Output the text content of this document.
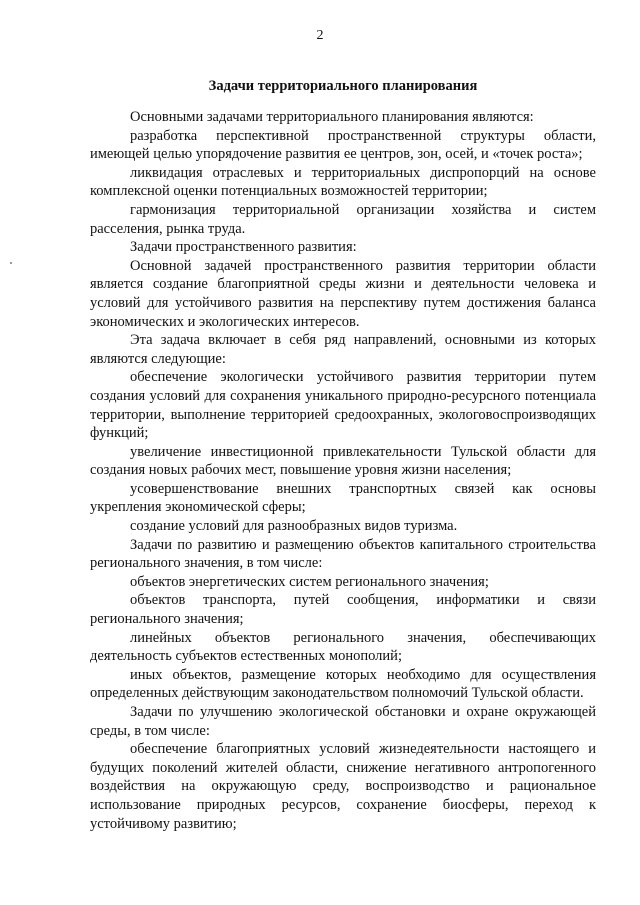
2
Задачи территориального планирования

Основными задачами территориального планирования являются:

разработка перспективной пространственной структуры области, имеющей целью упорядочение развития ее центров, зон, осей, и «точек роста»;

ликвидация отраслевых и территориальных диспропорций на основе комплексной оценки потенциальных возможностей территории;

гармонизация территориальной организации хозяйства и систем расселения, рынка труда.

Задачи пространственного развития:

Основной задачей пространственного развития территории области является создание благоприятной среды жизни и деятельности человека и условий для устойчивого развития на перспективу путем достижения баланса экономических и экологических интересов.

Эта задача включает в себя ряд направлений, основными из которых являются следующие:

обеспечение экологически устойчивого развития территории путем создания условий для сохранения уникального природно-ресурсного потенциала территории, выполнение территорией средоохранных, экологовоспроизводящих функций;

увеличение инвестиционной привлекательности Тульской области для создания новых рабочих мест, повышение уровня жизни населения;

усовершенствование внешних транспортных связей как основы укрепления экономической сферы;

создание условий для разнообразных видов туризма.

Задачи по развитию и размещению объектов капитального строительства регионального значения, в том числе:

объектов энергетических систем регионального значения;

объектов транспорта, путей сообщения, информатики и связи регионального значения;

линейных объектов регионального значения, обеспечивающих деятельность субъектов естественных монополий;

иных объектов, размещение которых необходимо для осуществления определенных действующим законодательством полномочий Тульской области.

Задачи по улучшению экологической обстановки и охране окружающей среды, в том числе:

обеспечение благоприятных условий жизнедеятельности настоящего и будущих поколений жителей области, снижение негативного антропогенного воздействия на окружающую среду, воспроизводство и рациональное использование природных ресурсов, сохранение биосферы, переход к устойчивому развитию;
